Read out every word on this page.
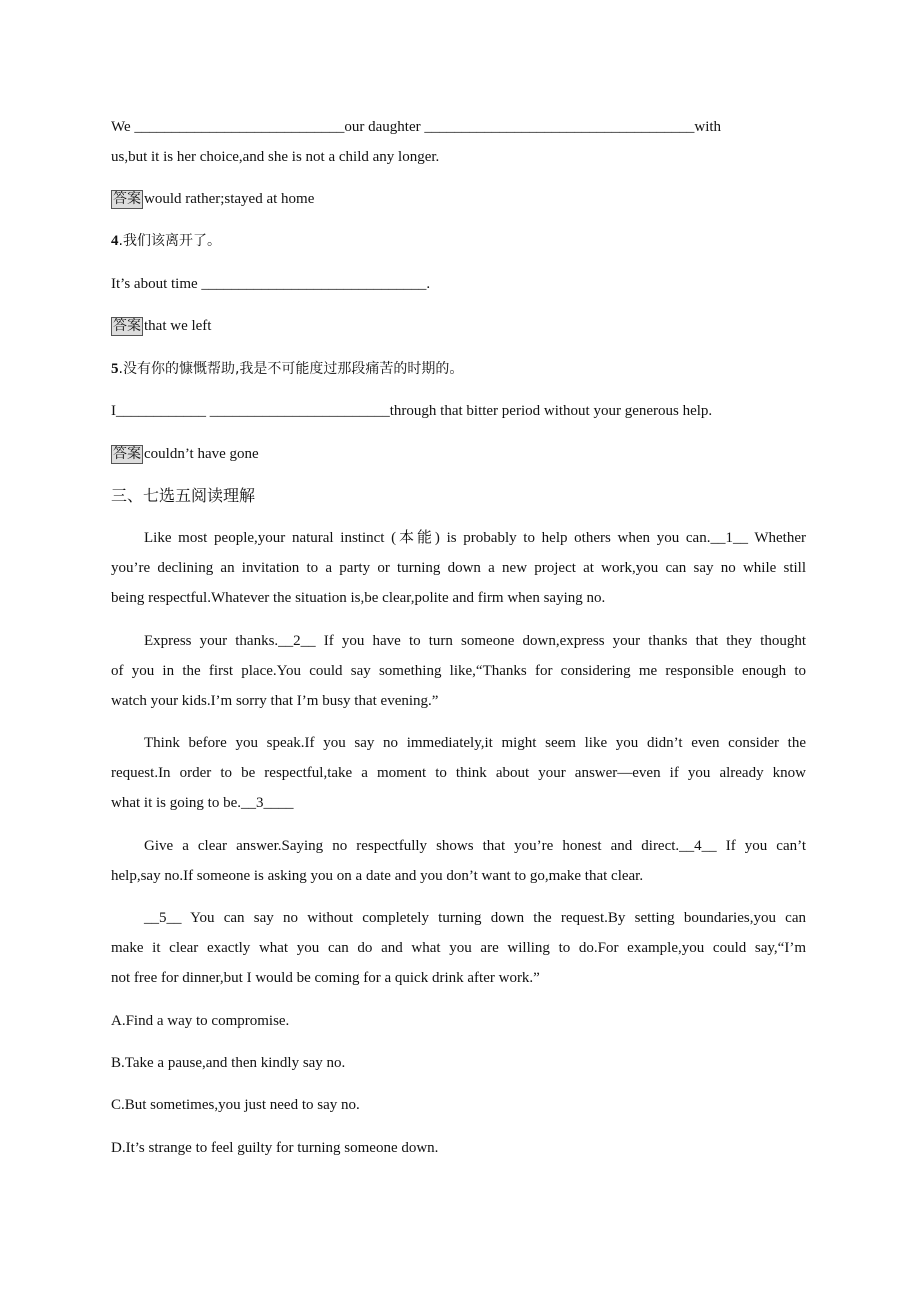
We ____________________________our daughter ____________________________________with
us,but it is her choice,and she is not a child any longer.
答案 would rather;stayed at home
4.我们该离开了。
It’s about time ______________________________.
答案 that we left
5.没有你的慷慨帮助,我是不可能度过那段痛苦的时期的。
I____________ ________________________through that bitter period without your generous help.
答案 couldn’t have gone
三、七选五阅读理解
Like most people,your natural instinct (本能) is probably to help others when you can.__1__ Whether
you’re declining an invitation to a party or turning down a new project at work,you can say no while still
being respectful.Whatever the situation is,be clear,polite and firm when saying no.
Express your thanks.__2__ If you have to turn someone down,express your thanks that they thought
of you in the first place.You could say something like,“Thanks for considering me responsible enough to
watch your kids.I’m sorry that I’m busy that evening.”
Think before you speak.If you say no immediately,it might seem like you didn’t even consider the
request.In order to be respectful,take a moment to think about your answer—even if you already know
what it is going to be.__3____
Give a clear answer.Saying no respectfully shows that you’re honest and direct.__4__ If you can’t
help,say no.If someone is asking you on a date and you don’t want to go,make that clear.
__5__ You can say no without completely turning down the request.By setting boundaries,you can
make it clear exactly what you can do and what you are willing to do.For example,you could say,“I’m
not free for dinner,but I would be coming for a quick drink after work.”
A.Find a way to compromise.
B.Take a pause,and then kindly say no.
C.But sometimes,you just need to say no.
D.It’s strange to feel guilty for turning someone down.
